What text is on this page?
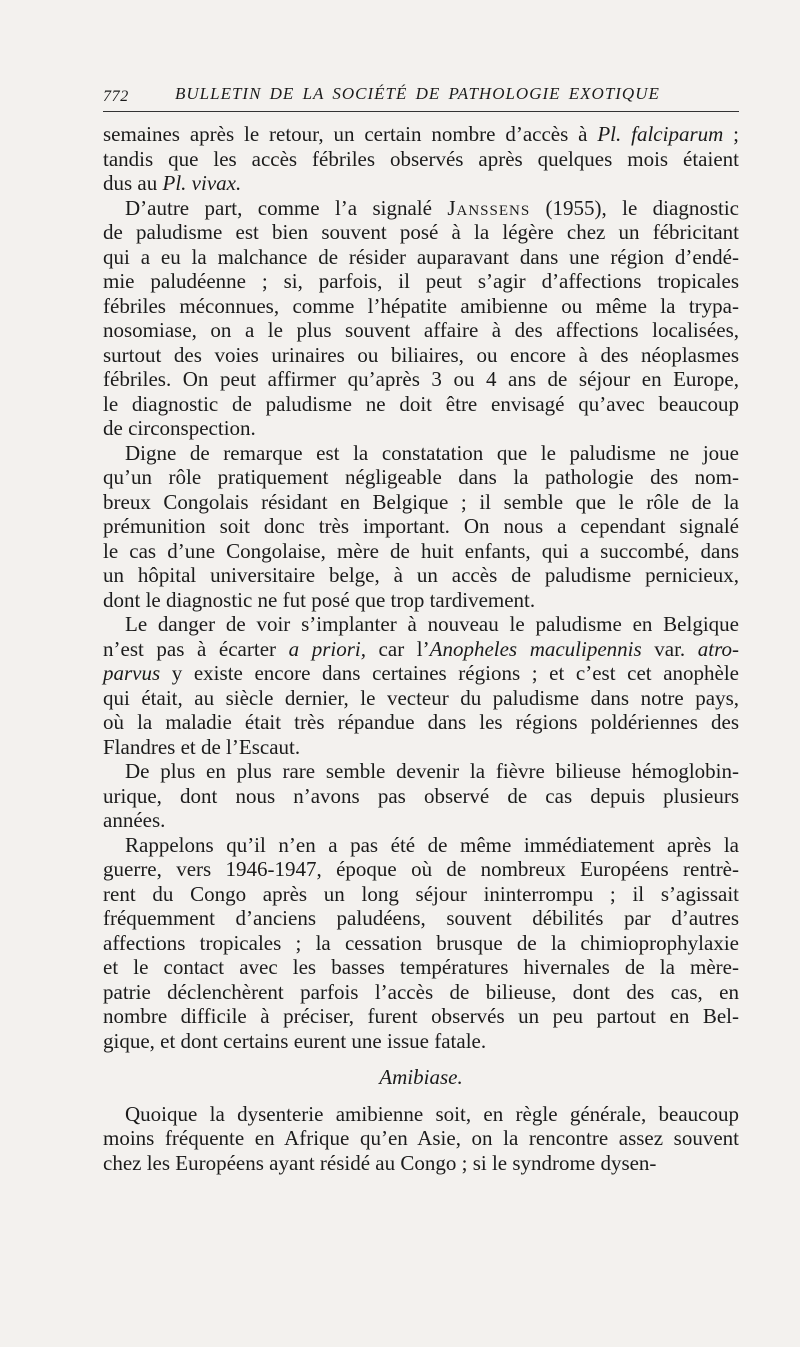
772	BULLETIN DE LA SOCIÉTÉ DE PATHOLOGIE EXOTIQUE
semaines après le retour, un certain nombre d’accès à Pl. falciparum ;
tandis que les accès fébriles observés après quelques mois étaient
dus au Pl. vivax.
D’autre part, comme l’a signalé Janssens (1955), le diagnostic
de paludisme est bien souvent posé à la légère chez un fébricitant
qui a eu la malchance de résider auparavant dans une région d’endé-
mie paludéenne ; si, parfois, il peut s’agir d’affections tropicales
fébriles méconnues, comme l’hépatite amibienne ou même la trypa-
nosomiase, on a le plus souvent affaire à des affections localisées,
surtout des voies urinaires ou biliaires, ou encore à des néoplasmes
fébriles. On peut affirmer qu’après 3 ou 4 ans de séjour en Europe,
le diagnostic de paludisme ne doit être envisagé qu’avec beaucoup
de circonspection.
Digne de remarque est la constatation que le paludisme ne joue
qu’un rôle pratiquement négligeable dans la pathologie des nom-
breux Congolais résidant en Belgique ; il semble que le rôle de la
prémunition soit donc très important. On nous a cependant signalé
le cas d’une Congolaise, mère de huit enfants, qui a succombé, dans
un hôpital universitaire belge, à un accès de paludisme pernicieux,
dont le diagnostic ne fut posé que trop tardivement.
Le danger de voir s’implanter à nouveau le paludisme en Belgique
n’est pas à écarter a priori, car l’Anopheles maculipennis var. atro-
parvus y existe encore dans certaines régions ; et c’est cet anophèle
qui était, au siècle dernier, le vecteur du paludisme dans notre pays,
où la maladie était très répandue dans les régions poldériennes des
Flandres et de l’Escaut.
De plus en plus rare semble devenir la fièvre bilieuse hémoglobin-
urique, dont nous n’avons pas observé de cas depuis plusieurs
années.
Rappelons qu’il n’en a pas été de même immédiatement après la
guerre, vers 1946-1947, époque où de nombreux Européens rentrè-
rent du Congo après un long séjour ininterrompu ; il s’agissait
fréquemment d’anciens paludéens, souvent débilités par d’autres
affections tropicales ; la cessation brusque de la chimioprophylaxie
et le contact avec les basses températures hivernales de la mère-
patrie déclenchèrent parfois l’accès de bilieuse, dont des cas, en
nombre difficile à préciser, furent observés un peu partout en Bel-
gique, et dont certains eurent une issue fatale.
Amibiase.
Quoique la dysenterie amibienne soit, en règle générale, beaucoup
moins fréquente en Afrique qu’en Asie, on la rencontre assez souvent
chez les Européens ayant résidé au Congo ; si le syndrome dysen-
